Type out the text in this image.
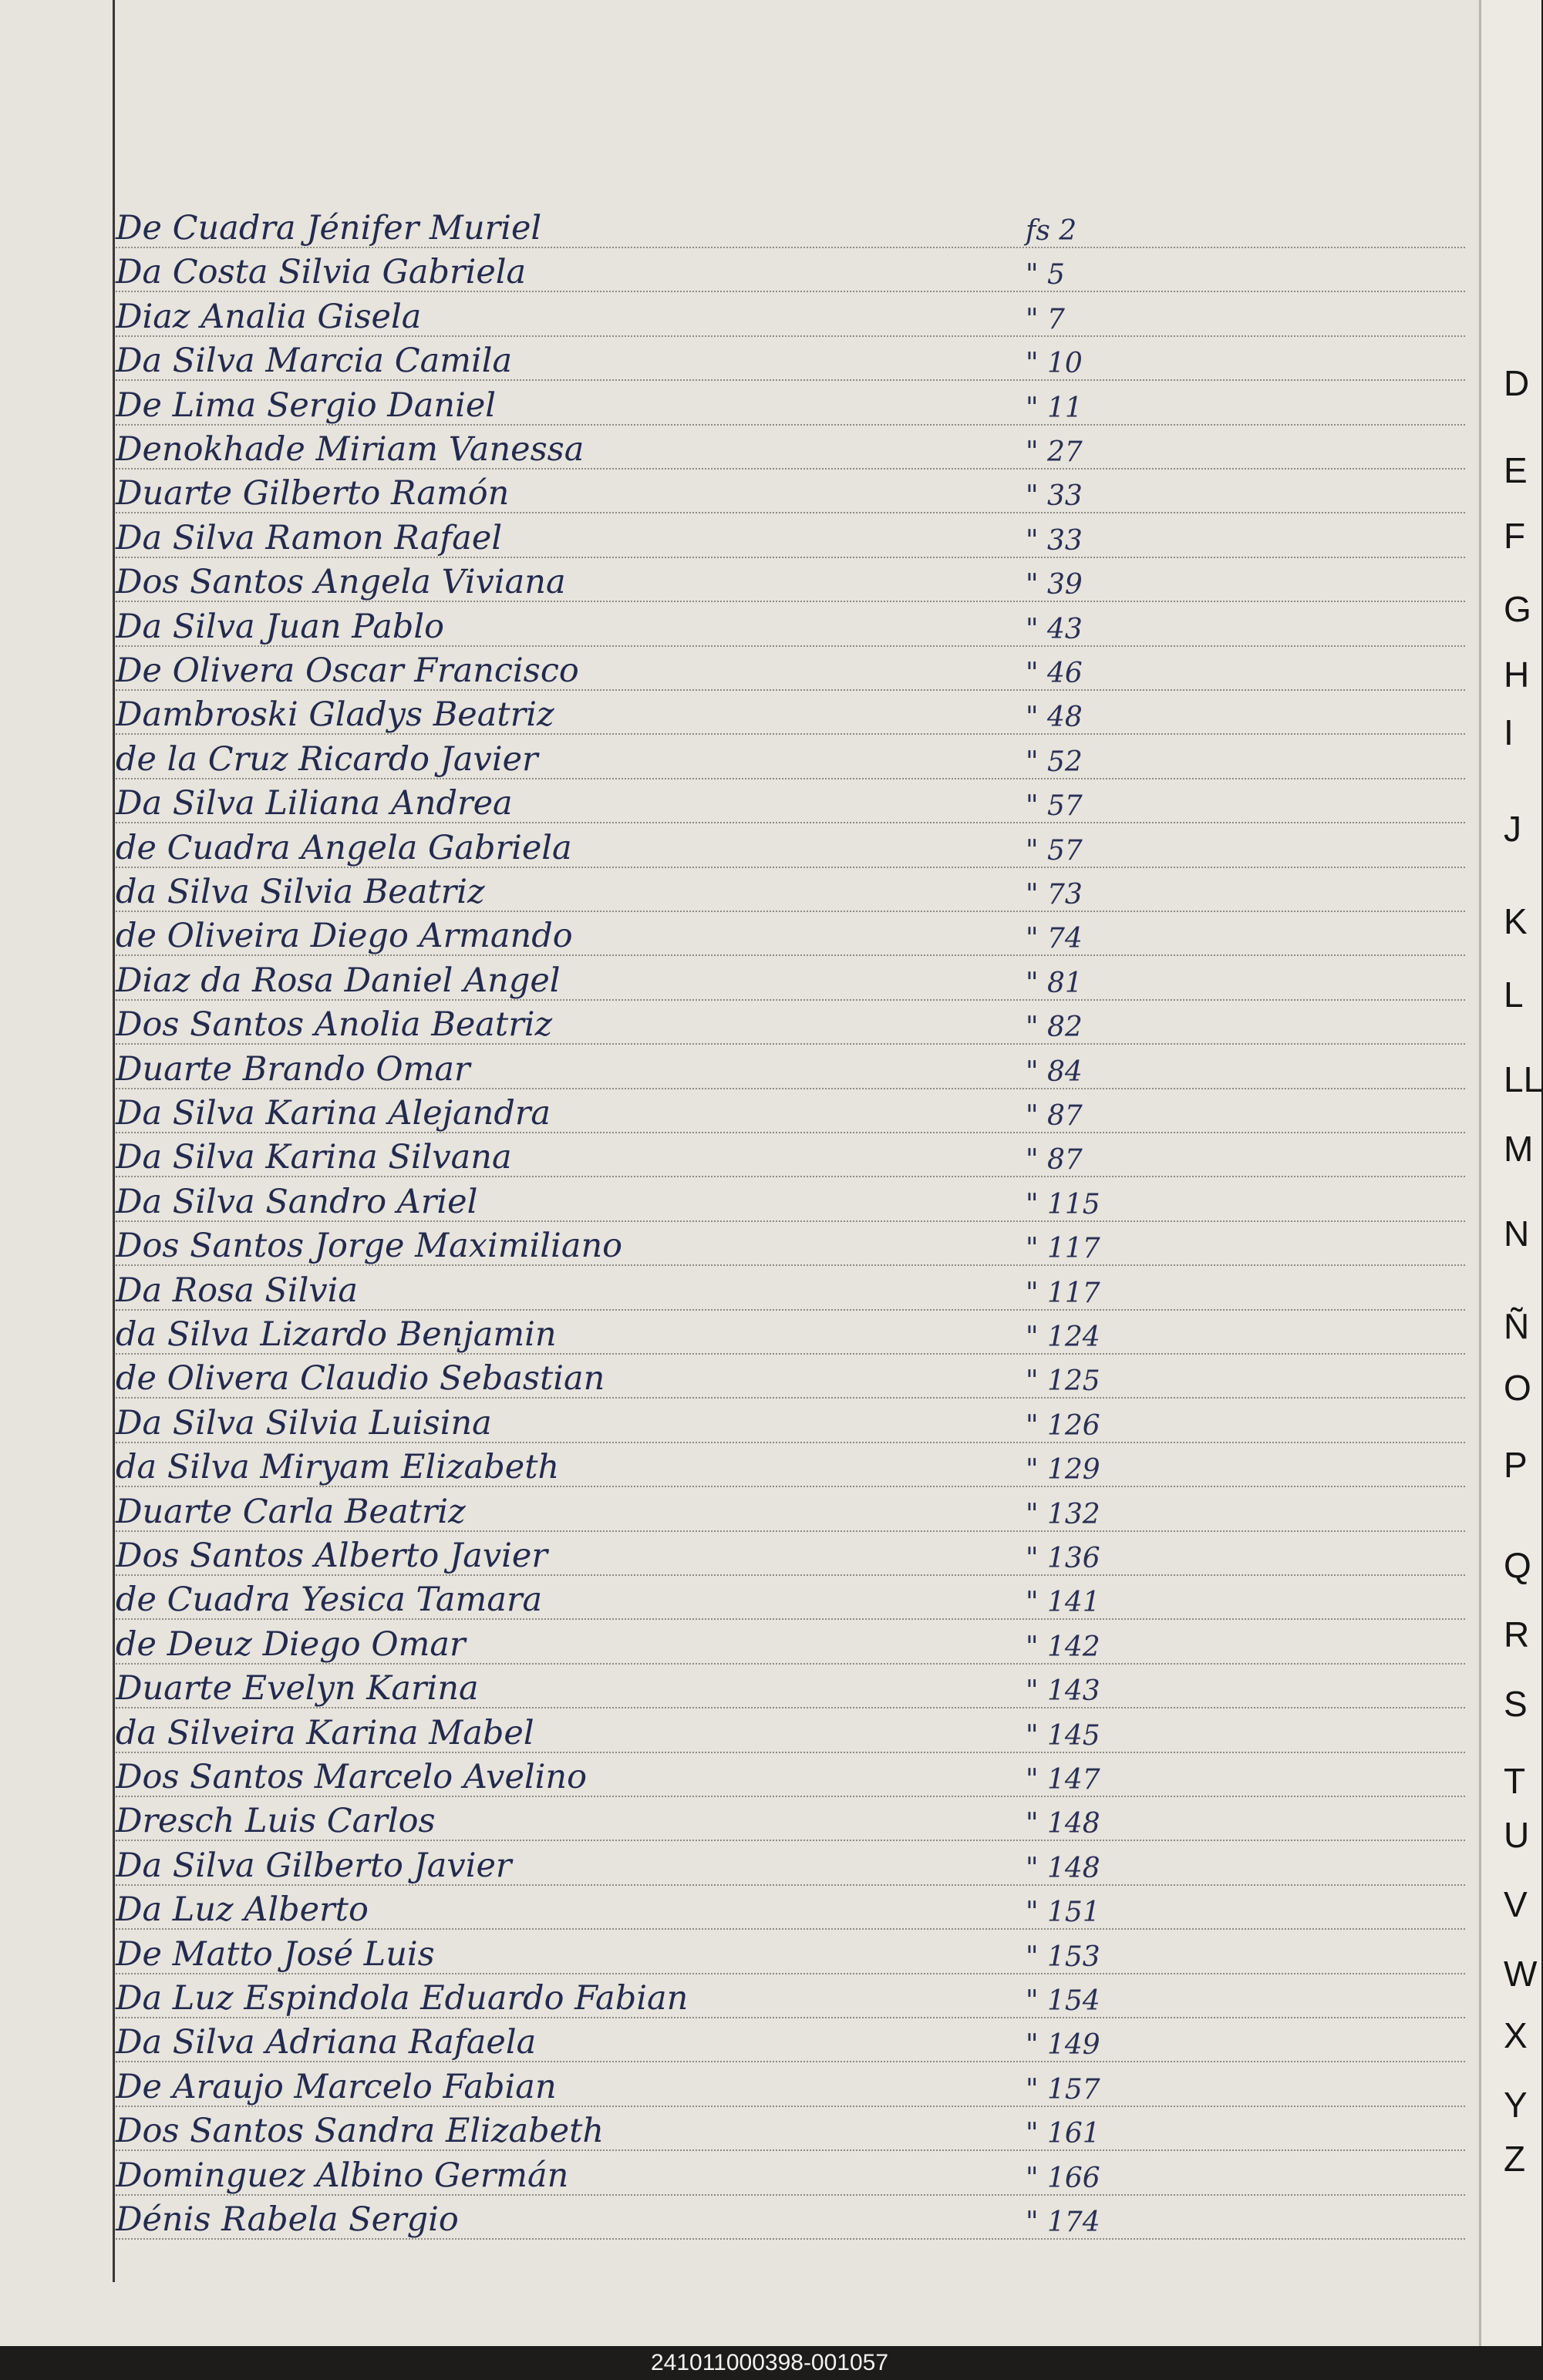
De Cuadra Jénifer Muriel	fs 2
Da Costa Silvia Gabriela	" 5
Diaz Analia Gisela	" 7
Da Silva Marcia Camila	" 10
De Lima Sergio Daniel	" 11
Denokhade Miriam Vanessa	" 27
Duarte Gilberto Ramón	" 33
Da Silva Ramon Rafael	" 33
Dos Santos Angela Viviana	" 39
Da Silva Juan Pablo	" 43
De Olivera Oscar Francisco	" 46
Dambroski Gladys Beatriz	" 48
de la Cruz Ricardo Javier	" 52
Da Silva Liliana Andrea	" 57
de Cuadra Angela Gabriela	" 57
da Silva Silvia Beatriz	" 73
de Oliveira Diego Armando	" 74
Diaz da Rosa Daniel Angel	" 81
Dos Santos Anolia Beatriz	" 82
Duarte Brando Omar	" 84
Da Silva Karina Alejandra	" 87
Da Silva Karina Silvana	" 87
Da Silva Sandro Ariel	" 115
Dos Santos Jorge Maximiliano	" 117
Da Rosa Silvia	" 117
da Silva Lizardo Benjamin	" 124
de Olivera Claudio Sebastian	" 125
Da Silva Silvia Luisina	" 126
da Silva Miryam Elizabeth	" 129
Duarte Carla Beatriz	" 132
Dos Santos Alberto Javier	" 136
de Cuadra Yesica Tamara	" 141
de Deuz Diego Omar	" 142
Duarte Evelyn Karina	" 143
da Silveira Karina Mabel	" 145
Dos Santos Marcelo Avelino	" 147
Dresch Luis Carlos	" 148
Da Silva Gilberto Javier	" 148
Da Luz Alberto	" 151
De Matto José Luis	" 153
Da Luz Espindola Eduardo Fabian	" 154
Da Silva Adriana Rafaela	" 149
De Araujo Marcelo Fabian	" 157
Dos Santos Sandra Elizabeth	" 161
Dominguez Albino Germán	" 166
Dénis Rabela Sergio	" 174
D
E
F
G
H
I
J
K
L
LL
M
N
Ñ
O
P
Q
R
S
T
U
V
W
X
Y
Z
241011000398-001057
